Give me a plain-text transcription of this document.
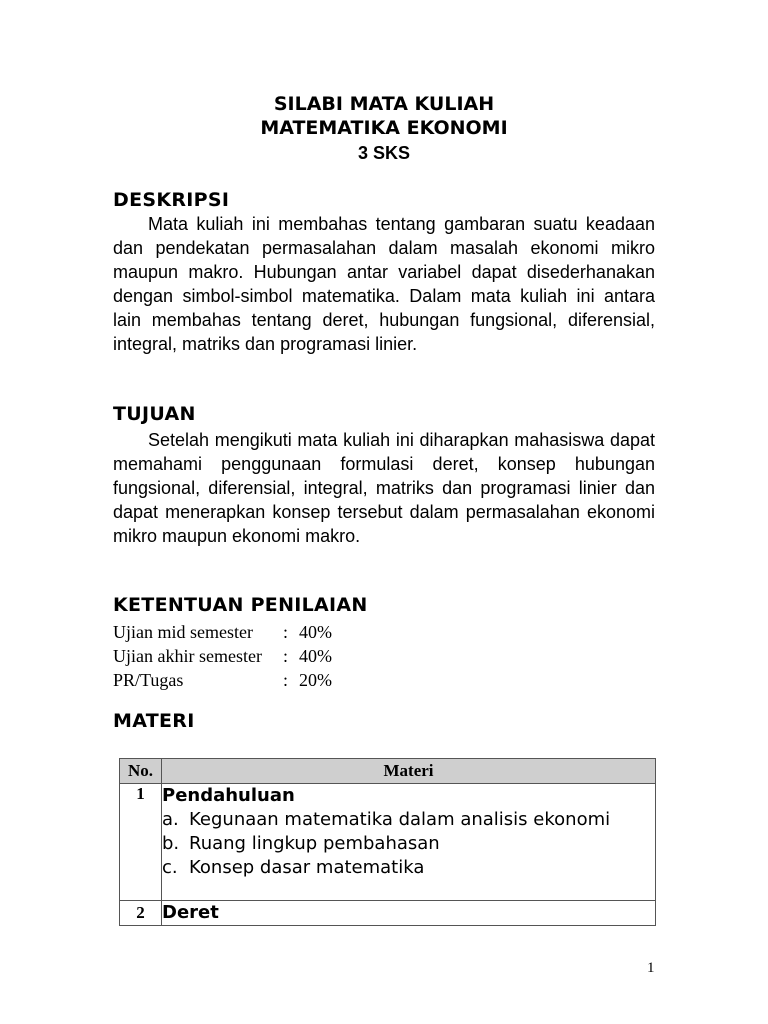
SILABI MATA KULIAH
MATEMATIKA EKONOMI
3 SKS
DESKRIPSI

Mata kuliah ini membahas tentang gambaran suatu keadaan dan pendekatan permasalahan dalam masalah ekonomi mikro maupun makro. Hubungan antar variabel dapat disederhanakan dengan simbol-simbol matematika. Dalam mata kuliah ini antara lain membahas tentang deret, hubungan fungsional, diferensial, integral, matriks dan programasi linier.

TUJUAN

Setelah mengikuti mata kuliah ini diharapkan mahasiswa dapat memahami penggunaan formulasi deret, konsep hubungan fungsional, diferensial, integral, matriks dan programasi linier dan dapat menerapkan konsep tersebut dalam permasalahan ekonomi mikro maupun ekonomi makro.

KETENTUAN PENILAIAN
Ujian mid semester : 40%
Ujian akhir semester : 40%
PR/Tugas	: 20%
MATERI
No.	Materi
1	Pendahuluan
a. Kegunaan matematika dalam analisis ekonomi
b. Ruang lingkup pembahasan
c. Konsep dasar matematika

2	Deret
1
